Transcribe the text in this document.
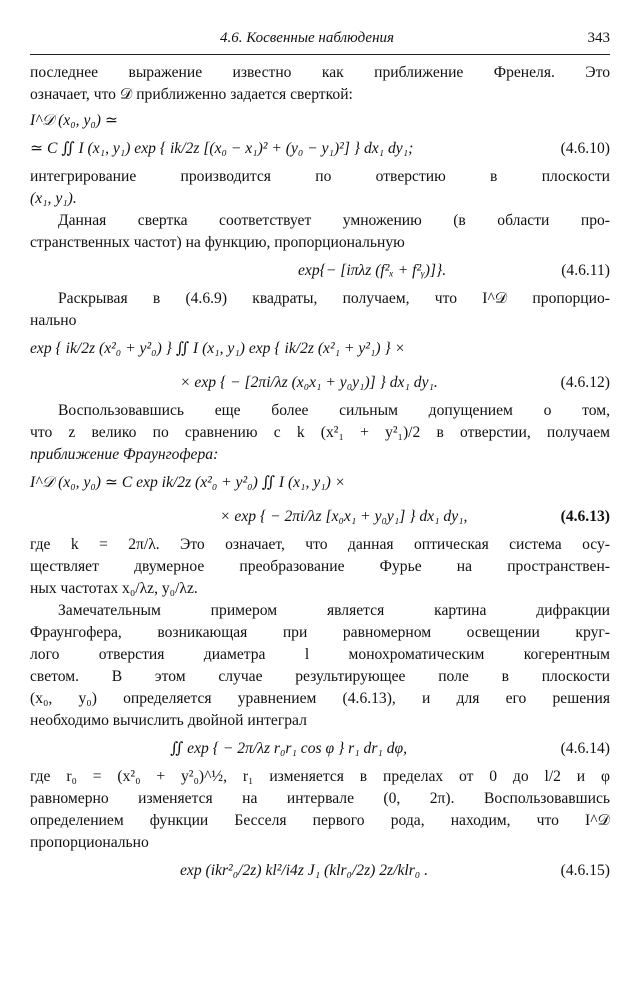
4.6. Косвенные наблюдения	343
последнее выражение известно как приближение Френеля. Это
означает, что 𝒟 приближенно задается сверткой:
I^𝒟 (x₀, y₀) ≃
≃ C ∬ I (x₁, y₁) exp { ik/2z [(x₀ − x₁)² + (y₀ − y₁)²] } dx₁ dy₁;	(4.6.10)
интегрирование производится по отверстию в плоскости
(x₁, y₁).
Данная свертка соответствует умножению (в области про-
странственных частот) на функцию, пропорциональную
exp{− [iπλz (f²ₓ + f²ᵧ)]}.	(4.6.11)
Раскрывая в (4.6.9) квадраты, получаем, что I^𝒟 пропорцио-
нально
exp { ik/2z (x²₀ + y²₀) } ∬ I (x₁, y₁) exp { ik/2z (x²₁ + y²₁) } ×
× exp { − [2πi/λz (x₀x₁ + y₀y₁)] } dx₁ dy₁.	(4.6.12)
Воспользовавшись еще более сильным допущением о том,
что z велико по сравнению с k (x²₁ + y²₁)/2 в отверстии, получаем
приближение Фраунгофера:
I^𝒟 (x₀, y₀) ≃ C exp ik/2z (x²₀ + y²₀) ∬ I (x₁, y₁) ×
× exp { − 2πi/λz [x₀x₁ + y₀y₁] } dx₁ dy₁,	(4.6.13)
где k = 2π/λ. Это означает, что данная оптическая система осу-
ществляет двумерное преобразование Фурье на пространствен-
ных частотах x₀/λz, y₀/λz.
Замечательным примером является картина дифракции
Фраунгофера, возникающая при равномерном освещении круг-
лого отверстия диаметра l монохроматическим когерентным
светом. В этом случае результирующее поле в плоскости
(x₀, y₀) определяется уравнением (4.6.13), и для его решения
необходимо вычислить двойной интеграл
∬ exp { − 2π/λz r₀r₁ cos φ } r₁ dr₁ dφ,	(4.6.14)
где r₀ = (x²₀ + y²₀)^½, r₁ изменяется в пределах от 0 до l/2 и φ
равномерно изменяется на интервале (0, 2π). Воспользовавшись
определением функции Бесселя первого рода, находим, что I^𝒟
пропорционально
exp (ikr²₀/2z) kl²/i4z J₁ (klr₀/2z) 2z/klr₀ .	(4.6.15)
